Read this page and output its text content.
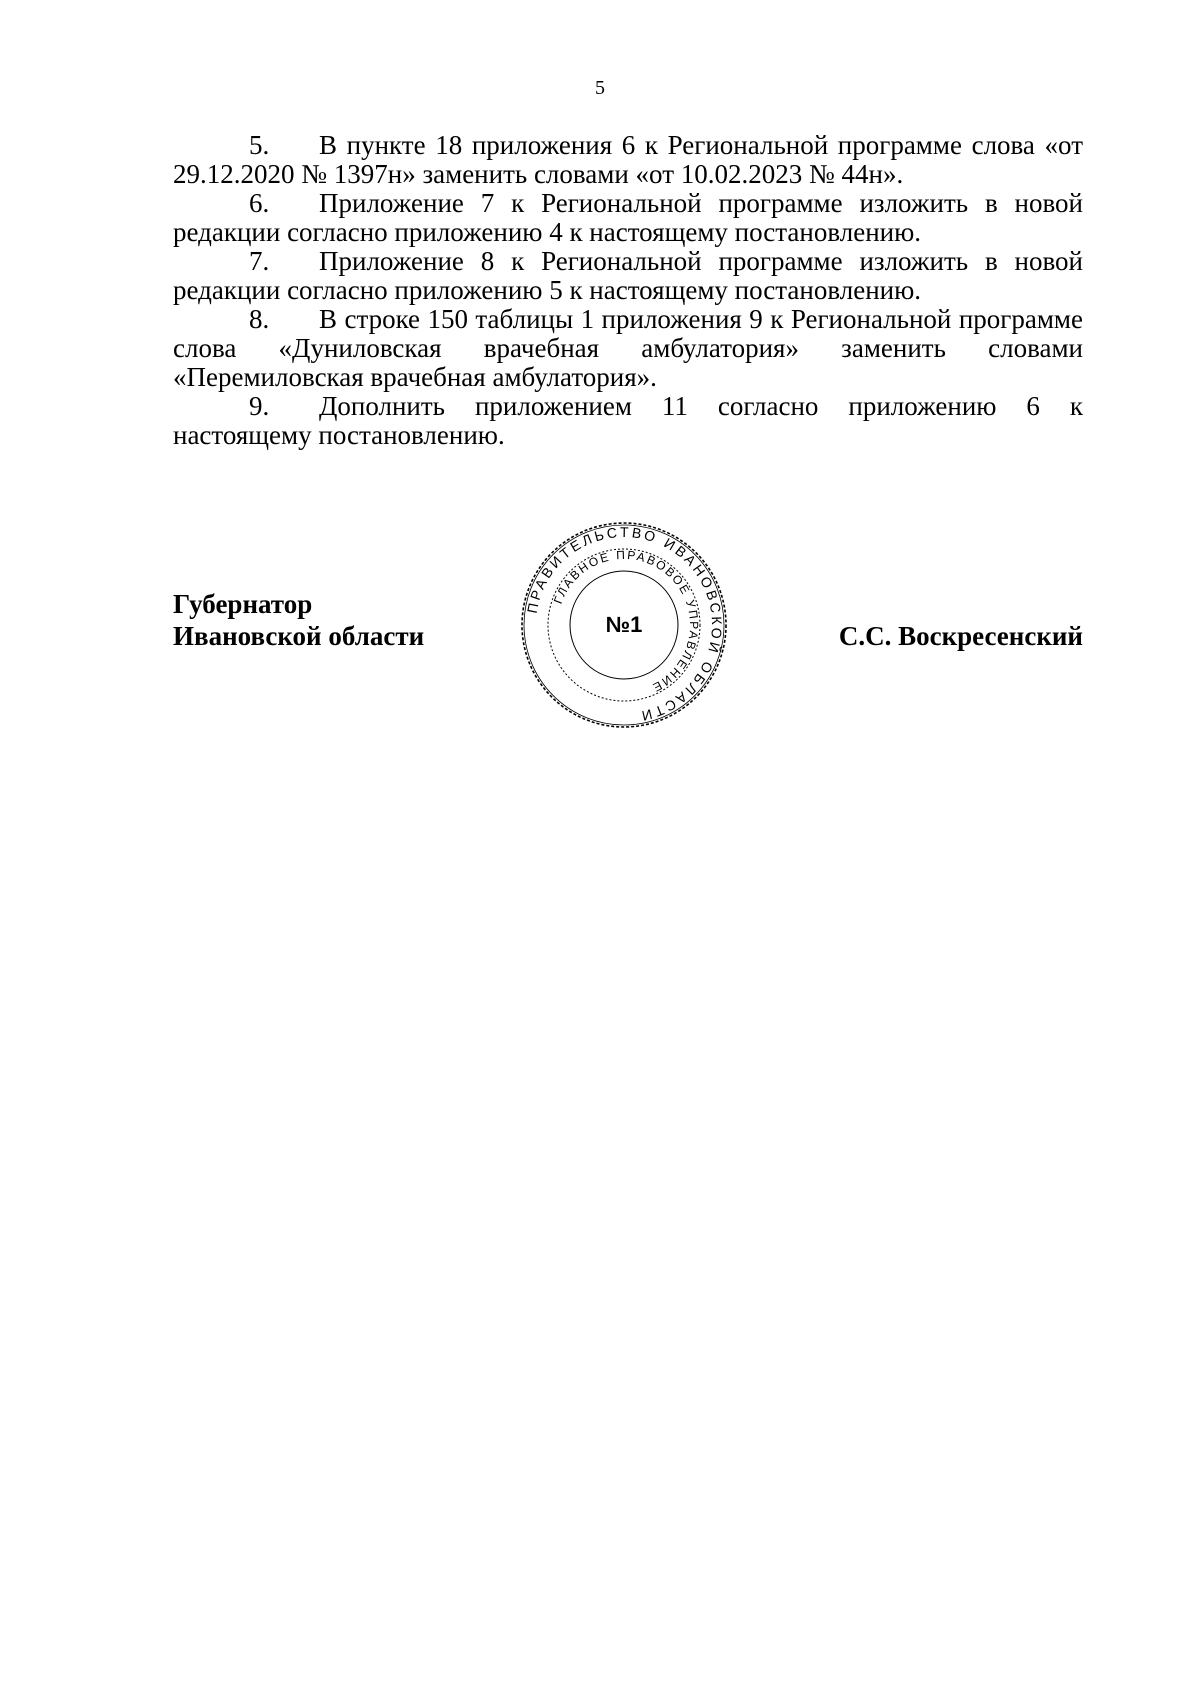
5

5. В пункте 18 приложения 6 к Региональной программе слова «от 29.12.2020 № 1397н» заменить словами «от 10.02.2023 № 44н».

6. Приложение 7 к Региональной программе изложить в новой редакции согласно приложению 4 к настоящему постановлению.

7. Приложение 8 к Региональной программе изложить в новой редакции согласно приложению 5 к настоящему постановлению.

8. В строке 150 таблицы 1 приложения 9 к Региональной программе слова «Дуниловская врачебная амбулатория» заменить словами «Перемиловская врачебная амбулатория».

9. Дополнить приложением 11 согласно приложению 6 к настоящему постановлению.

Губернатор
Ивановской области
ПРАВИТЕЛЬСТВО ИВАНОВСКОЙ ОБЛАСТИ
ГЛАВНОЕ ПРАВОВОЕ УПРАВЛЕНИЕ
№1	С.С. Воскресенский
